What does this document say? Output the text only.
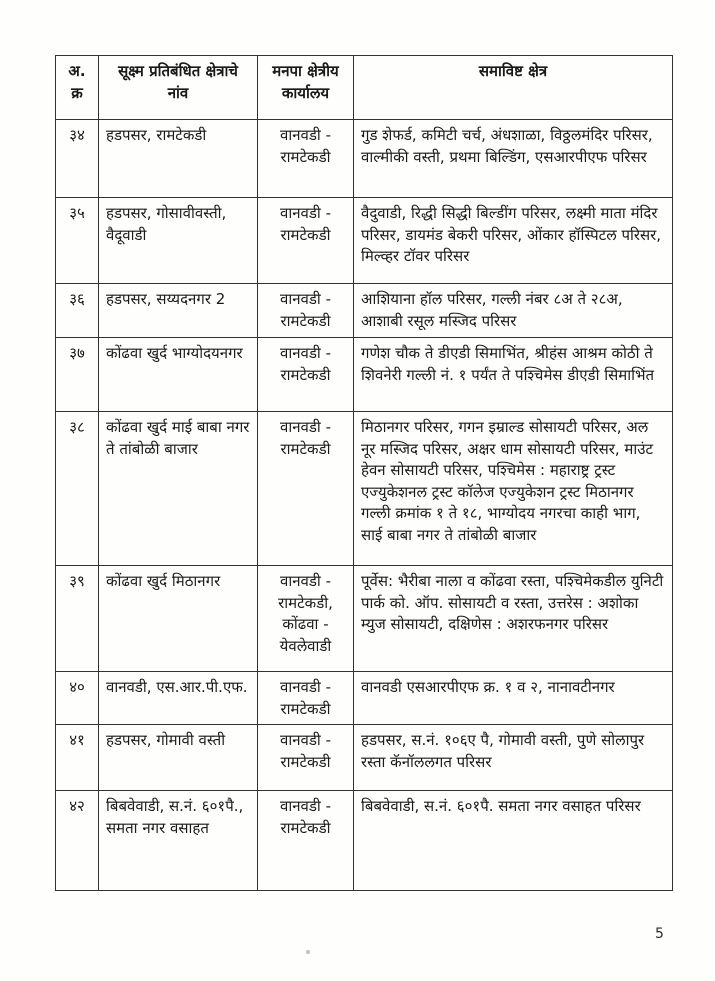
अ.क्र	सूक्ष्म प्रतिबंधित क्षेत्राचे नांव	मनपा क्षेत्रीय कार्यालय	समाविष्ट क्षेत्र
३४	हडपसर, रामटेकडी	वानवडी - रामटेकडी	गुड शेफर्ड, कमिटी चर्च, अंधशाळा, विठ्ठलमंदिर परिसर, वाल्मीकी वस्ती, प्रथमा बिल्डिंग, एसआरपीएफ परिसर
३५	हडपसर, गोसावीवस्ती, वैदूवाडी	वानवडी - रामटेकडी	वैदुवाडी, रिद्धी सिद्धी बिल्डींग परिसर, लक्ष्मी माता मंदिर परिसर, डायमंड बेकरी परिसर, ओंकार हॉस्पिटल परिसर, मिल्व्हर टॉवर परिसर
३६	हडपसर, सय्यदनगर 2	वानवडी - रामटेकडी	आशियाना हॉल परिसर, गल्ली नंबर ८अ ते २८अ, आशाबी रसूल मस्जिद परिसर
३७	कोंढवा खुर्द भाग्योदयनगर	वानवडी - रामटेकडी	गणेश चौक ते डीएडी सिमाभिंत, श्रीहंस आश्रम कोठी ते शिवनेरी गल्ली नं. १ पर्यंत ते पश्चिमेस डीएडी सिमाभिंत
३८	कोंढवा खुर्द माई बाबा नगर ते तांबोळी बाजार	वानवडी - रामटेकडी	मिठानगर परिसर, गगन इम्राल्ड सोसायटी परिसर, अल नूर मस्जिद परिसर, अक्षर धाम सोसायटी परिसर, माउंट हेवन सोसायटी परिसर, पश्चिमेस : महाराष्ट्र ट्रस्ट एज्युकेशनल ट्रस्ट कॉलेज एज्युकेशन ट्रस्ट मिठानगर गल्ली क्रमांक १ ते १८, भाग्योदय नगरचा काही भाग, साई बाबा नगर ते तांबोळी बाजार
३९	कोंढवा खुर्द मिठानगर	वानवडी - रामटेकडी, कोंढवा - येवलेवाडी	पूर्वेस: भैरीबा नाला व कोंढवा रस्ता, पश्चिमेकडील युनिटी पार्क को. ऑप. सोसायटी व रस्ता, उत्तरेस : अशोका म्युज सोसायटी, दक्षिणेस : अशरफनगर परिसर
४०	वानवडी, एस.आर.पी.एफ.	वानवडी - रामटेकडी	वानवडी एसआरपीएफ क्र. १ व २, नानावटीनगर
४१	हडपसर, गोमावी वस्ती	वानवडी - रामटेकडी	हडपसर, स.नं. १०६ए पै, गोमावी वस्ती, पुणे सोलापुर रस्ता कॅनॉललगत परिसर
४२	बिबवेवाडी, स.नं. ६०१पै., समता नगर वसाहत	वानवडी - रामटेकडी	बिबवेवाडी, स.नं. ६०१पै. समता नगर वसाहत परिसर
5
